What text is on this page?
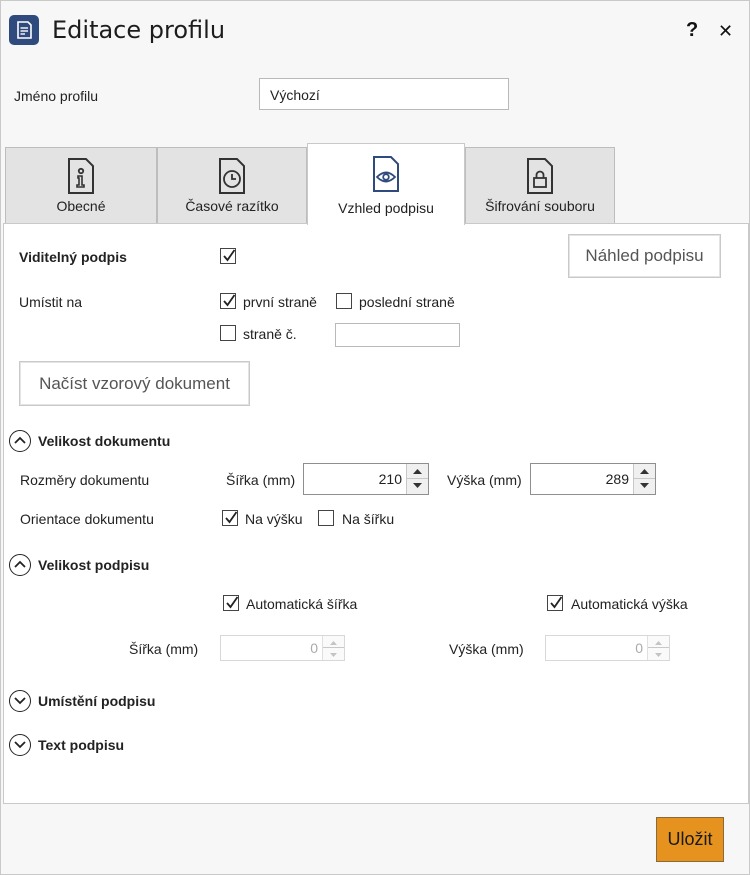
Editace profilu	? ✕
Jméno profilu	Výchozí
Obecné	Časové razítko	Vzhled podpisu	Šifrování souboru
Viditelný podpis	Náhled podpisu
Umístit na	první straně	poslední straně
straně č.
Načíst vzorový dokument
Velikost dokumentu
Rozměry dokumentu	Šířka (mm)	210	Výška (mm)	289
Orientace dokumentu	Na výšku	Na šířku
Velikost podpisu
Automatická šířka	Automatická výška
Šířka (mm)	0	Výška (mm)	0
Umístění podpisu
Text podpisu
Uložit
